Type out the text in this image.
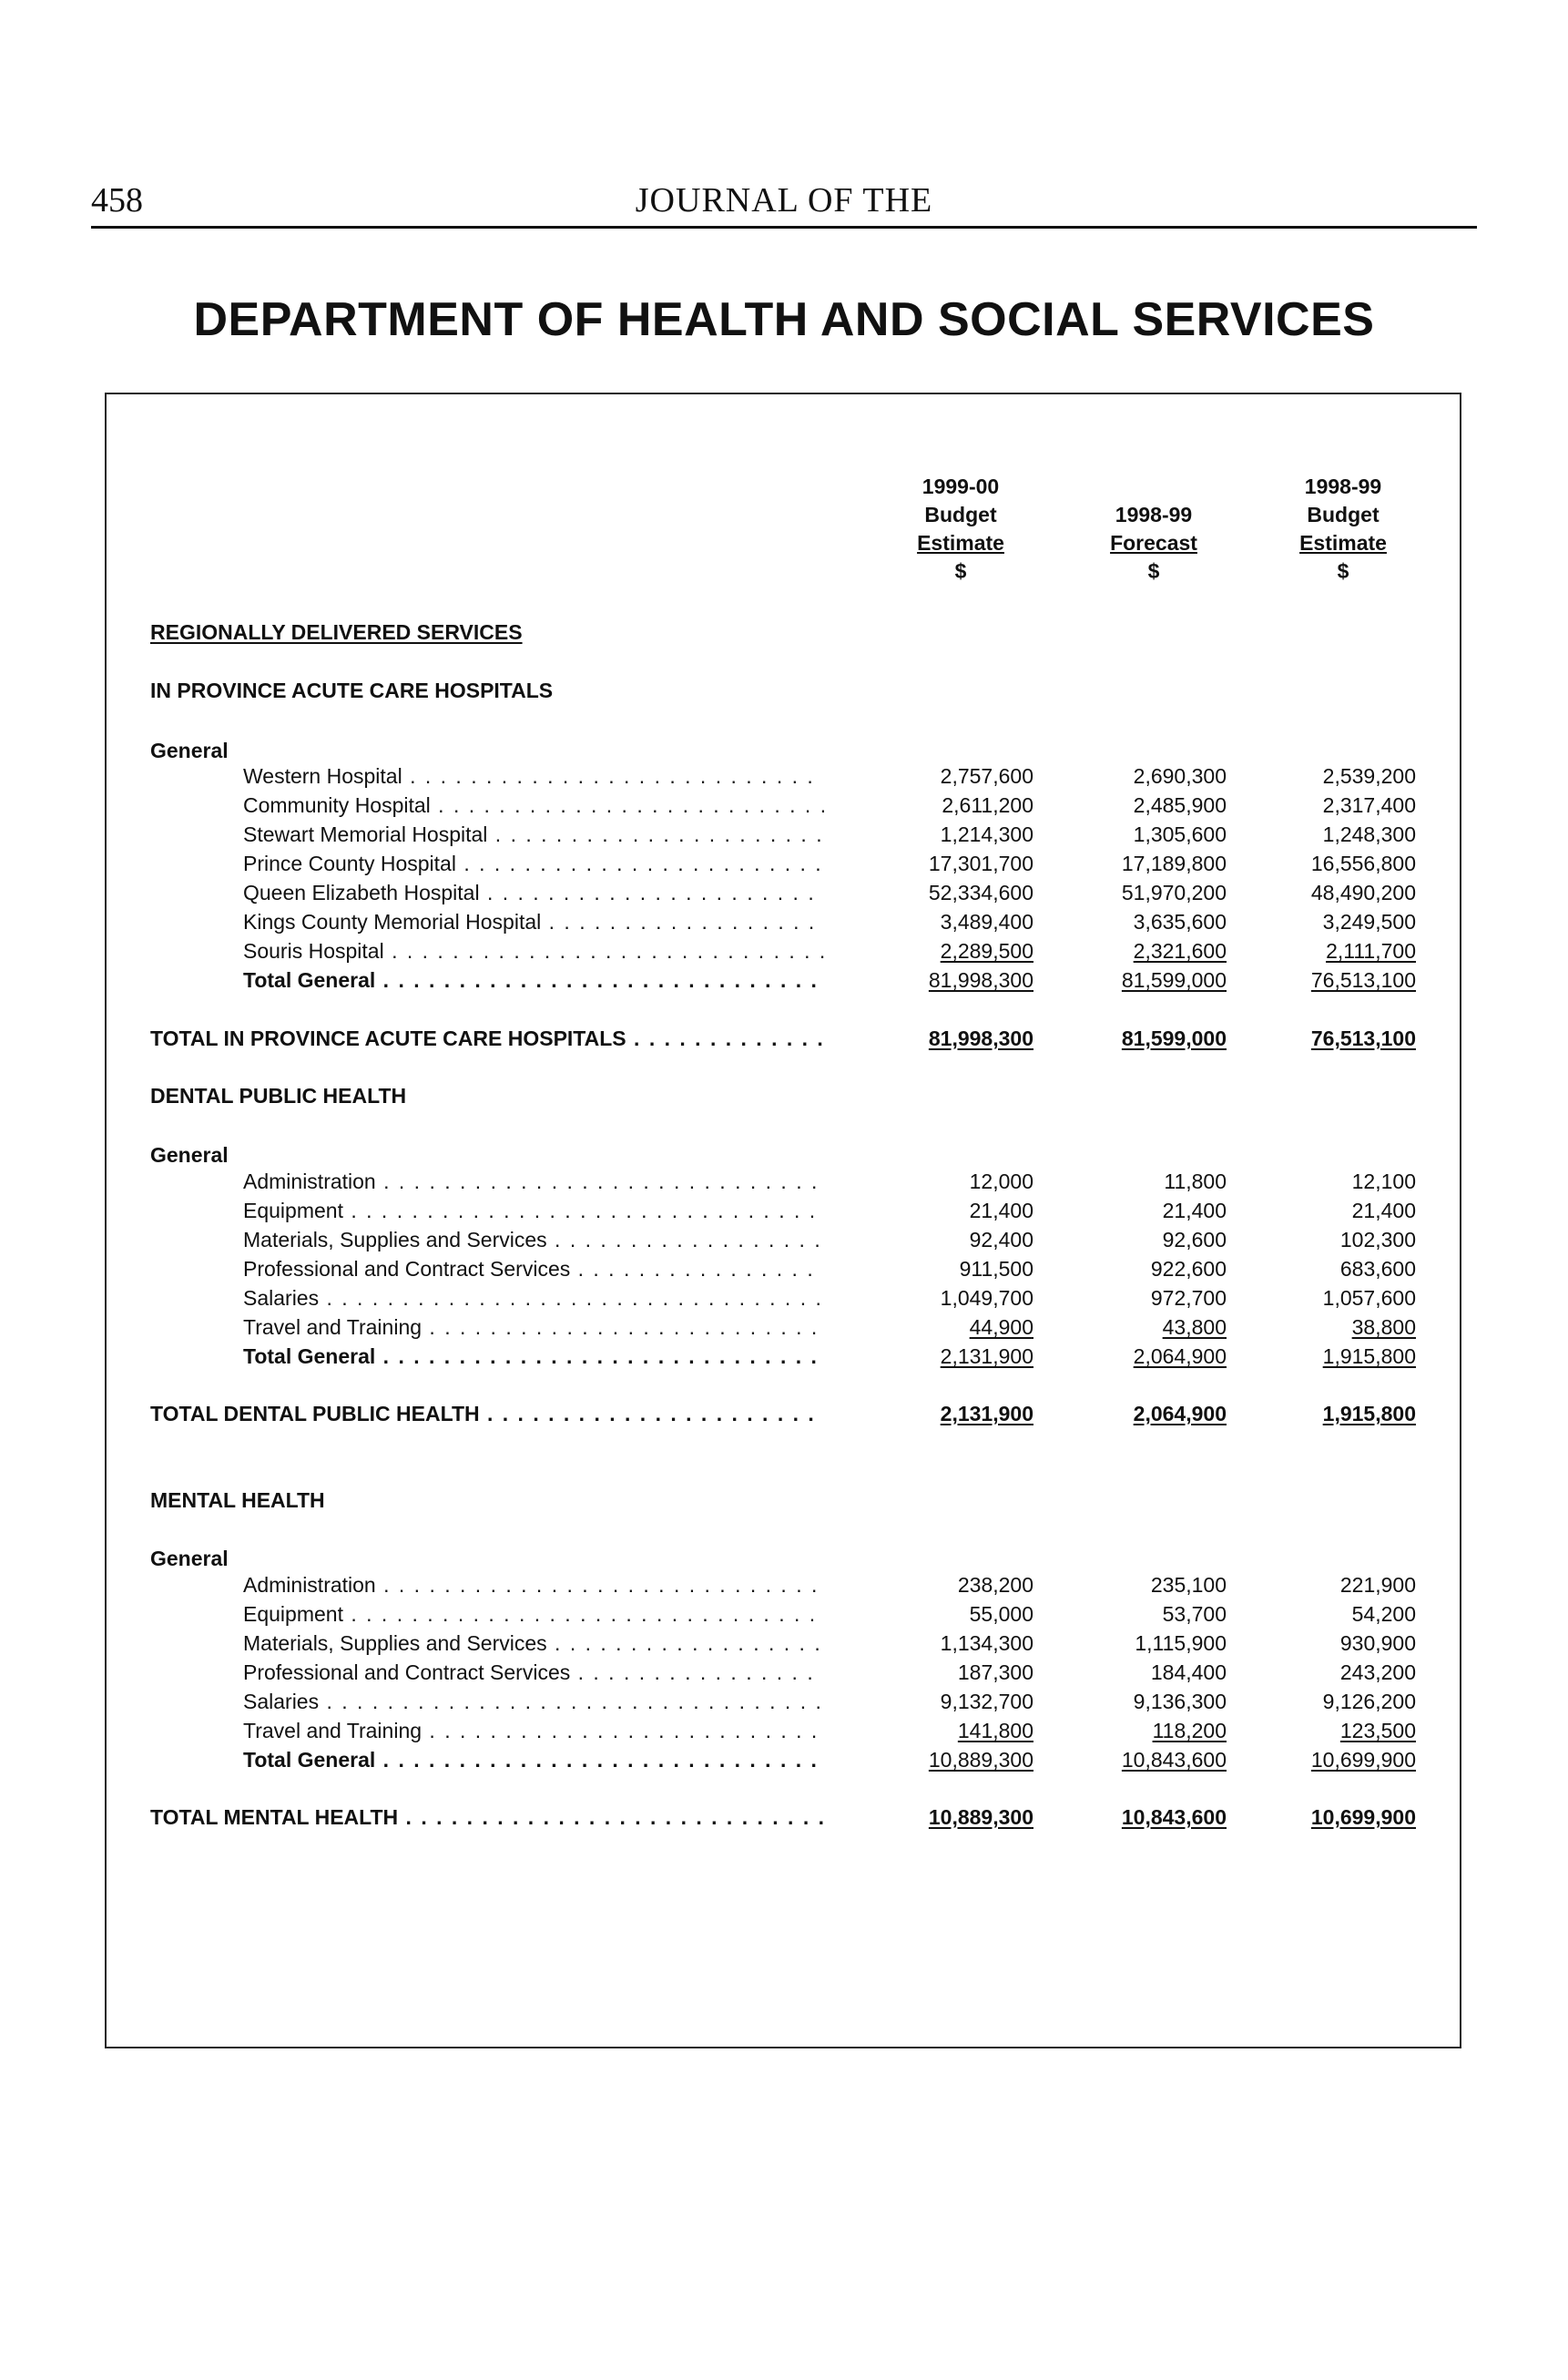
458	JOURNAL OF THE
DEPARTMENT OF HEALTH AND SOCIAL SERVICES
1999-00
Budget
Estimate
$
1998-99
Forecast
$
1998-99
Budget
Estimate
$
REGIONALLY DELIVERED SERVICES
IN PROVINCE ACUTE CARE HOSPITALS
General
Western Hospital . . .	2,757,600	2,690,300	2,539,200
Community Hospital . . .	2,611,200	2,485,900	2,317,400
Stewart Memorial Hospital . . .	1,214,300	1,305,600	1,248,300
Prince County Hospital . . .	17,301,700	17,189,800	16,556,800
Queen Elizabeth Hospital . . .	52,334,600	51,970,200	48,490,200
Kings County Memorial Hospital . . .	3,489,400	3,635,600	3,249,500
Souris Hospital . . .	2,289,500	2,321,600	2,111,700
Total General . . .	81,998,300	81,599,000	76,513,100
TOTAL IN PROVINCE ACUTE CARE HOSPITALS . . .	81,998,300	81,599,000	76,513,100
DENTAL PUBLIC HEALTH
General
Administration . . .	12,000	11,800	12,100
Equipment . . .	21,400	21,400	21,400
Materials, Supplies and Services . . .	92,400	92,600	102,300
Professional and Contract Services . . .	911,500	922,600	683,600
Salaries . . .	1,049,700	972,700	1,057,600
Travel and Training . . .	44,900	43,800	38,800
Total General . . .	2,131,900	2,064,900	1,915,800
TOTAL DENTAL PUBLIC HEALTH . . .	2,131,900	2,064,900	1,915,800
MENTAL HEALTH
General
Administration . . .	238,200	235,100	221,900
Equipment . . .	55,000	53,700	54,200
Materials, Supplies and Services . . .	1,134,300	1,115,900	930,900
Professional and Contract Services . . .	187,300	184,400	243,200
Salaries . . .	9,132,700	9,136,300	9,126,200
Travel and Training . . .	141,800	118,200	123,500
Total General . . .	10,889,300	10,843,600	10,699,900
TOTAL MENTAL HEALTH . . .	10,889,300	10,843,600	10,699,900
